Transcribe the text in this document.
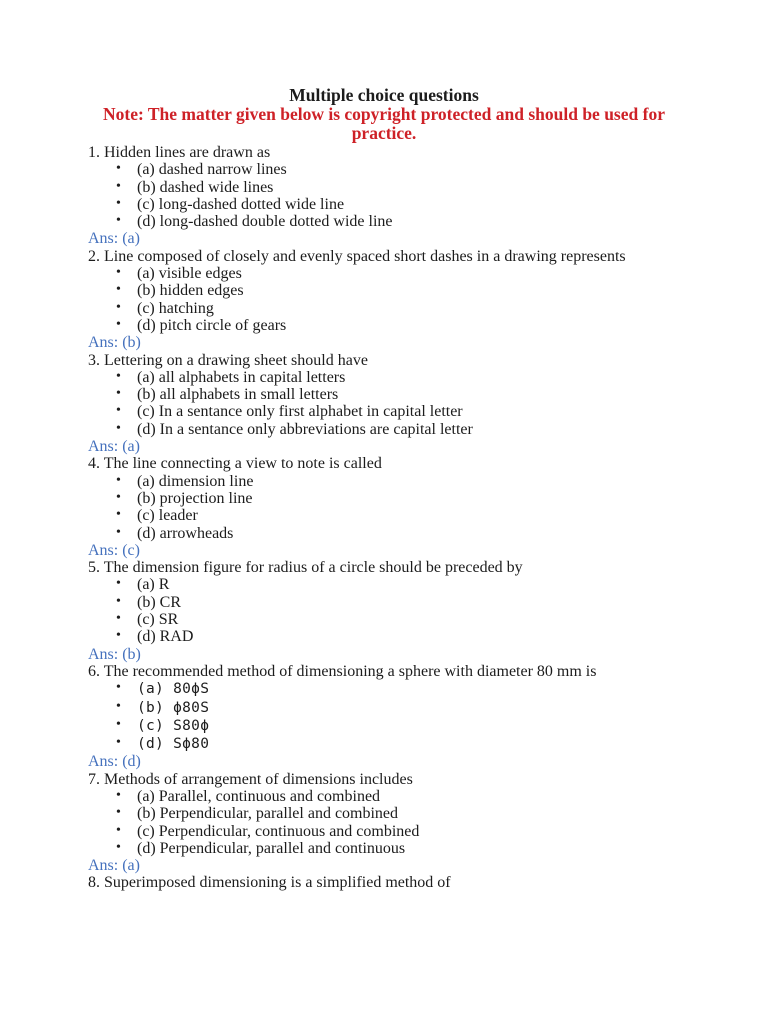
Multiple choice questions
Note: The matter given below is copyright protected and should be used for
practice.
1. Hidden lines are drawn as
• (a) dashed narrow lines
• (b) dashed wide lines
• (c) long-dashed dotted wide line
• (d) long-dashed double dotted wide line
Ans: (a)
2. Line composed of closely and evenly spaced short dashes in a drawing represents
• (a) visible edges
• (b) hidden edges
• (c) hatching
• (d) pitch circle of gears
Ans: (b)
3. Lettering on a drawing sheet should have
• (a) all alphabets in capital letters
• (b) all alphabets in small letters
• (c) In a sentance only first alphabet in capital letter
• (d) In a sentance only abbreviations are capital letter
Ans: (a)
4. The line connecting a view to note is called
• (a) dimension line
• (b) projection line
• (c) leader
• (d) arrowheads
Ans: (c)
5. The dimension figure for radius of a circle should be preceded by
• (a) R
• (b) CR
• (c) SR
• (d) RAD
Ans: (b)
6. The recommended method of dimensioning a sphere with diameter 80 mm is
• (a) 80ϕS
• (b) ϕ80S
• (c) S80ϕ
• (d) Sϕ80
Ans: (d)
7. Methods of arrangement of dimensions includes
• (a) Parallel, continuous and combined
• (b) Perpendicular, parallel and combined
• (c) Perpendicular, continuous and combined
• (d) Perpendicular, parallel and continuous
Ans: (a)
8. Superimposed dimensioning is a simplified method of
